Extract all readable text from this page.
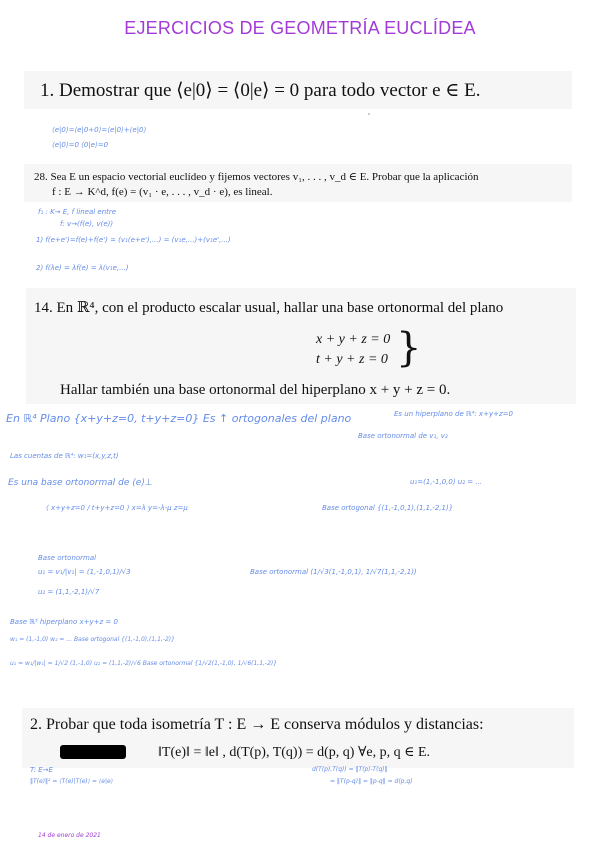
EJERCICIOS DE GEOMETRÍA EUCLÍDEA
1. Demostrar que ⟨e|0⟩ = ⟨0|e⟩ = 0 para todo vector e ∈ E.
⟨e|0⟩=⟨e|0+0⟩=⟨e|0⟩+⟨e|0⟩
⟨e|0⟩=0 ⟨0|e⟩=0
28. Sea E un espacio vectorial euclídeo y fijemos vectores v₁, . . . , v_d ∈ E. Probar que la aplicación
f : E → K^d, f(e) = (v₁ · e, . . . , v_d · e), es lineal.
f₁ : K→ E, f lineal entre
f: v→(f(e), v(e))
1) f(e+e')=f(e)+f(e') = (v₁(e+e'),...) = (v₁e,...)+(v₁e',...)
2) f(λe) = λf(e) = λ(v₁e,...)
14. En ℝ⁴, con el producto escalar usual, hallar una base ortonormal del plano
x + y + z = 0
t + y + z = 0 }
Hallar también una base ortonormal del hiperplano x + y + z = 0.
En ℝ⁴ Plano {x+y+z=0, t+y+z=0} Es ↑ ortogonales del plano	Es un hiperplano de ℝ⁴: x+y+z=0
Base ortonormal de v₁, v₂
Las cuentas de ℝ⁴: w₁=(x,y,z,t)
Es una base ortonormal de ⟨e⟩⊥	u₁=(1,-1,0,0) u₂ = ...
⟨ x+y+z=0 / t+y+z=0 ⟩ x=λ y=-λ-μ z=μ	Base ortogonal {(1,-1,0,1),(1,1,-2,1)}
Base ortonormal
u₁ = v₁/|v₁| = (1,-1,0,1)/√3
u₂ = (1,1,-2,1)/√7
Base ortonormal (1/√3(1,-1,0,1), 1/√7(1,1,-2,1))
Base ℝ³ hiperplano x+y+z = 0
w₁ = (1,-1,0) w₂ = ... Base ortogonal {(1,-1,0),(1,1,-2)}
u₁ = w₁/|w₁| = 1/√2 (1,-1,0) u₂ = (1,1,-2)/√6 Base ortonormal {1/√2(1,-1,0), 1/√6(1,1,-2)}
2. Probar que toda isometría T : E → E conserva módulos y distancias:
‖T(e)‖ = ‖e‖ , d(T(p), T(q)) = d(p, q) ∀e, p, q ∈ E.
T: E→E
‖T(e)‖² = ⟨T(e)|T(e)⟩ = ⟨e|e⟩
d(T(p),T(q)) = ‖T(p)-T(q)‖
= ‖T(p-q)‖ = ‖p-q‖ = d(p,q)
14 de enero de 2021
